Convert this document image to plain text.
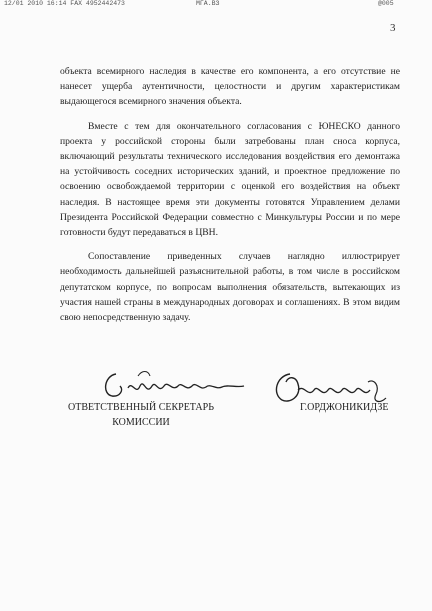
12/01 2010 16:14 FAX 4952442473	МГА.ВЗ	@005
3

объекта всемирного наследия в качестве его компонента, а его отсутствие не нанесет ущерба аутентичности, целостности и другим характеристикам выдающегося всемирного значения объекта.

Вместе с тем для окончательного согласования с ЮНЕСКО данного проекта у российской стороны были затребованы план сноса корпуса, включающий результаты технического исследования воздействия его демонтажа на устойчивость соседних исторических зданий, и проектное предложение по освоению освобождаемой территории с оценкой его воздействия на объект наследия. В настоящее время эти документы готовятся Управлением делами Президента Российской Федерации совместно с Минкультуры России и по мере готовности будут передаваться в ЦВН.

Сопоставление приведенных случаев наглядно иллюстрирует необходимость дальнейшей разъяснительной работы, в том числе в российском депутатском корпусе, по вопросам выполнения обязательств, вытекающих из участия нашей страны в международных договорах и соглашениях. В этом видим свою непосредственную задачу.

ОТВЕТСТВЕННЫЙ СЕКРЕТАРЬ
КОМИССИИ
Г.ОРДЖОНИКИДЗЕ
